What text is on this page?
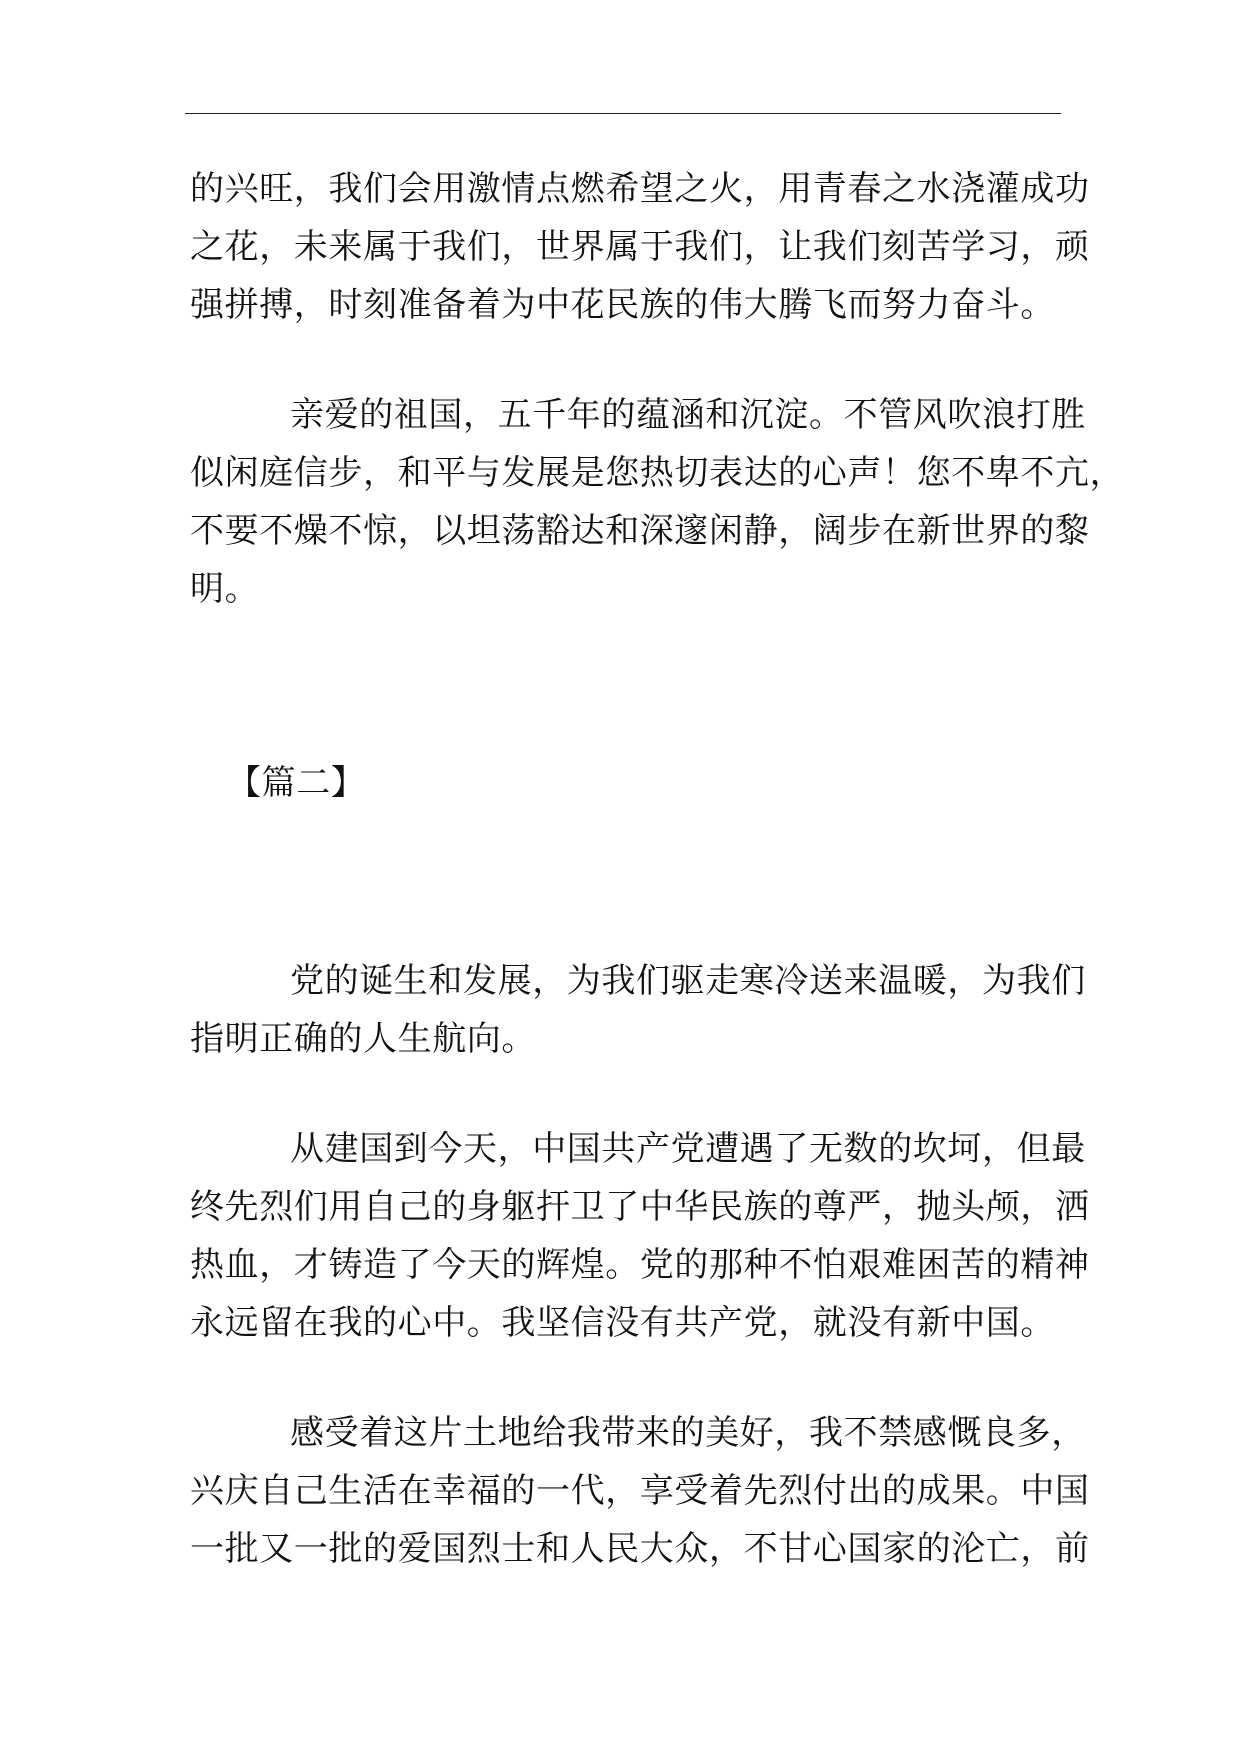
的兴旺，我们会用激情点燃希望之火，用青春之水浇灌成功
之花，未来属于我们，世界属于我们，让我们刻苦学习，顽
强拼搏，时刻准备着为中花民族的伟大腾飞而努力奋斗。
亲爱的祖国，五千年的蕴涵和沉淀。不管风吹浪打胜
似闲庭信步，和平与发展是您热切表达的心声！您不卑不亢，
不要不燥不惊，以坦荡豁达和深邃闲静，阔步在新世界的黎
明。
【篇二】
党的诞生和发展，为我们驱走寒冷送来温暖，为我们
指明正确的人生航向。
从建国到今天，中国共产党遭遇了无数的坎坷，但最
终先烈们用自己的身躯扞卫了中华民族的尊严，抛头颅，洒
热血，才铸造了今天的辉煌。党的那种不怕艰难困苦的精神
永远留在我的心中。我坚信没有共产党，就没有新中国。
感受着这片土地给我带来的美好，我不禁感慨良多，
兴庆自己生活在幸福的一代，享受着先烈付出的成果。中国
一批又一批的爱国烈士和人民大众，不甘心国家的沦亡，前
